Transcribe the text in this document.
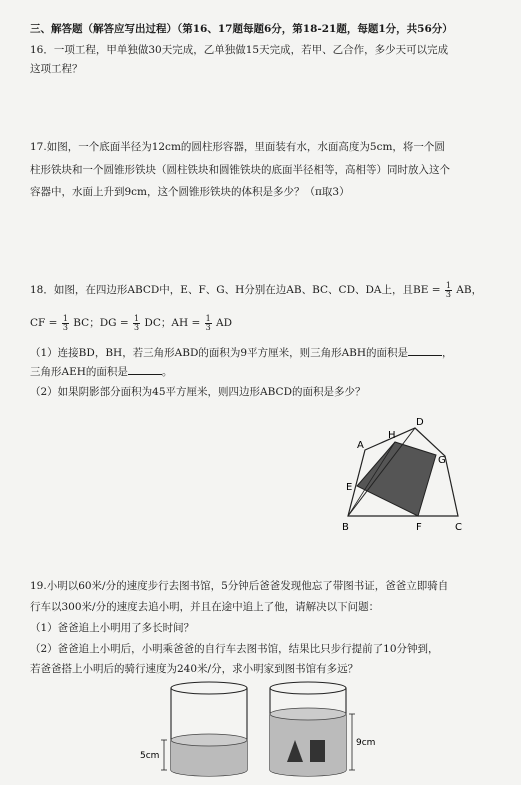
三、解答题（解答应写出过程）（第16、17题每题6分，第18-21题，每题1分，共56分）
16．一项工程，甲单独做30天完成，乙单独做15天完成，若甲、乙合作，多少天可以完成
这项工程？
17.如图，一个底面半径为12cm的圆柱形容器，里面装有水，水面高度为5cm，将一个圆
柱形铁块和一个圆锥形铁块（圆柱铁块和圆锥铁块的底面半径相等，高相等）同时放入这个
容器中，水面上升到9cm，这个圆锥形铁块的体积是多少？（π取3）
18．如图，在四边形ABCD中，E、F、G、H分别在边AB、BC、CD、DA上，且BE = $\frac{1}{3}$ AB，
CF = $\frac{1}{3}$ BC；DG = $\frac{1}{3}$ DC；AH = $\frac{1}{3}$ AD
（1）连接BD，BH，若三角形ABD的面积为9平方厘米，则三角形ABH的面积是	，
三角形AEH的面积是	。
（2）如果阴影部分面积为45平方厘米，则四边形ABCD的面积是多少？
A
H
D
G
E
B	F	C
19.小明以60米/分的速度步行去图书馆，5分钟后爸爸发现他忘了带图书证，爸爸立即骑自
行车以300米/分的速度去追小明，并且在途中追上了他，请解决以下问题：
（1）爸爸追上小明用了多长时间？
（2）爸爸追上小明后，小明乘爸爸的自行车去图书馆，结果比只步行提前了10分钟到，
若爸爸搭上小明后的骑行速度为240米/分，求小明家到图书馆有多远？
5cm
9cm
